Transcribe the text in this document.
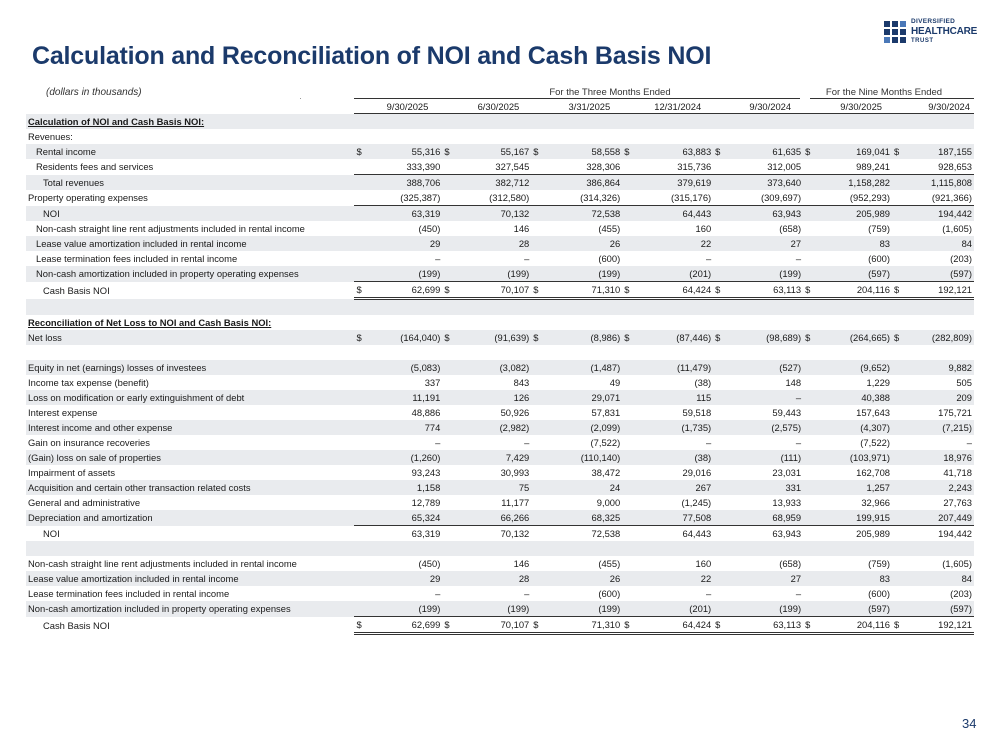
Calculation and Reconciliation of NOI and Cash Basis NOI
DIVERSIFIED
HEALTHCARE
TRUST
(dollars in thousands)	For the Three Months Ended	For the Nine Months Ended
	9/30/2025		6/30/2025		3/31/2025		12/31/2024		9/30/2024		9/30/2025		9/30/2024	
Calculation of NOI and Cash Basis NOI:														
Revenues:														
Rental income	$	55,316	$	55,167	$	58,558	$	63,883	$	61,635	$	169,041	$	187,155
Residents fees and services		333,390		327,545		328,306		315,736		312,005		989,241		928,653
Total revenues		388,706		382,712		386,864		379,619		373,640		1,158,282		1,115,808
Property operating expenses		(325,387)		(312,580)		(314,326)		(315,176)		(309,697)		(952,293)		(921,366)
NOI		63,319		70,132		72,538		64,443		63,943		205,989		194,442
Non-cash straight line rent adjustments included in rental income		(450)		146		(455)		160		(658)		(759)		(1,605)
Lease value amortization included in rental income		29		28		26		22		27		83		84
Lease termination fees included in rental income		–		–		(600)		–		–		(600)		(203)
Non-cash amortization included in property operating expenses		(199)		(199)		(199)		(201)		(199)		(597)		(597)
Cash Basis NOI	$	62,699	$	70,107	$	71,310	$	64,424	$	63,113	$	204,116	$	192,121

Reconciliation of Net Loss to NOI and Cash Basis NOI:														
Net loss	$	(164,040)	$	(91,639)	$	(8,986)	$	(87,446)	$	(98,689)	$	(264,665)	$	(282,809)

Equity in net (earnings) losses of investees		(5,083)		(3,082)		(1,487)		(11,479)		(527)		(9,652)		9,882
Income tax expense (benefit)		337		843		49		(38)		148		1,229		505
Loss on modification or early extinguishment of debt		11,191		126		29,071		115		–		40,388		209
Interest expense		48,886		50,926		57,831		59,518		59,443		157,643		175,721
Interest income and other expense		774		(2,982)		(2,099)		(1,735)		(2,575)		(4,307)		(7,215)
Gain on insurance recoveries		–		–		(7,522)		–		–		(7,522)		–
(Gain) loss on sale of properties		(1,260)		7,429		(110,140)		(38)		(111)		(103,971)		18,976
Impairment of assets		93,243		30,993		38,472		29,016		23,031		162,708		41,718
Acquisition and certain other transaction related costs		1,158		75		24		267		331		1,257		2,243
General and administrative		12,789		11,177		9,000		(1,245)		13,933		32,966		27,763
Depreciation and amortization		65,324		66,266		68,325		77,508		68,959		199,915		207,449
NOI		63,319		70,132		72,538		64,443		63,943		205,989		194,442

Non-cash straight line rent adjustments included in rental income		(450)		146		(455)		160		(658)		(759)		(1,605)
Lease value amortization included in rental income		29		28		26		22		27		83		84
Lease termination fees included in rental income		–		–		(600)		–		–		(600)		(203)
Non-cash amortization included in property operating expenses		(199)		(199)		(199)		(201)		(199)		(597)		(597)
Cash Basis NOI	$	62,699	$	70,107	$	71,310	$	64,424	$	63,113	$	204,116	$	192,121
34
